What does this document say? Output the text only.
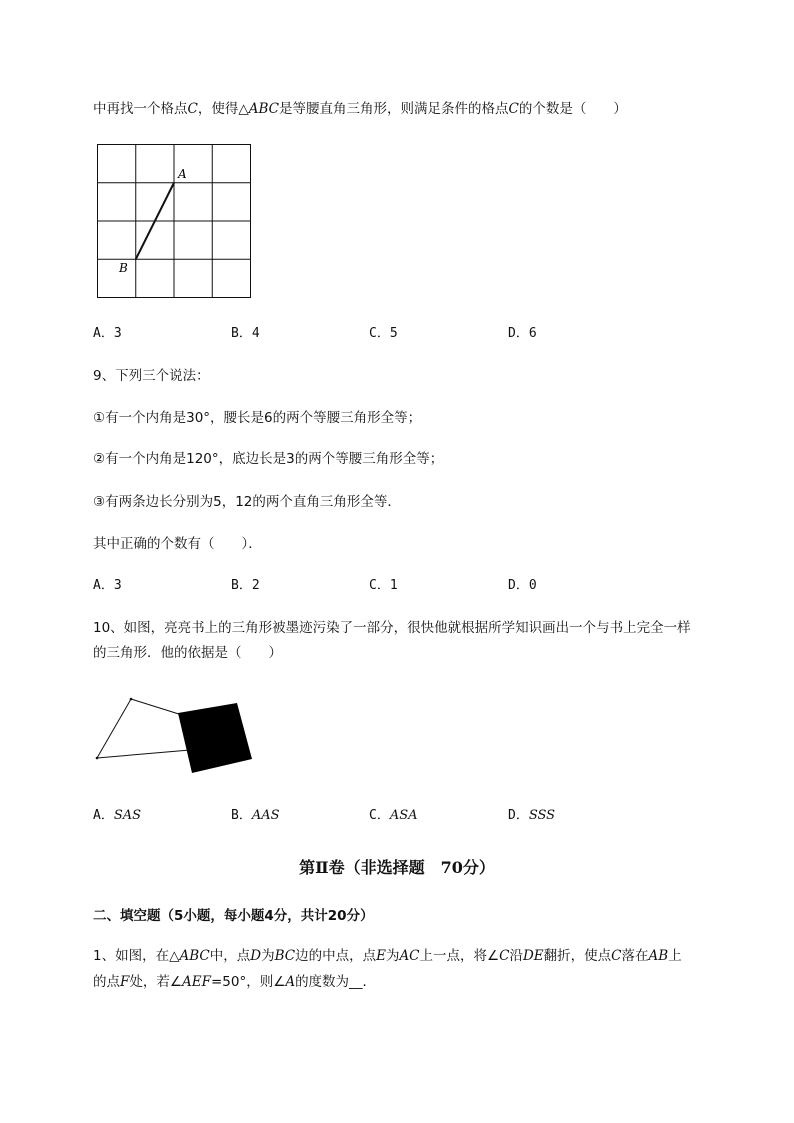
中再找一个格点C，使得△ABC是等腰直角三角形，则满足条件的格点C的个数是（　　）
A
B
A．3	B．4	C．5	D．6
9、下列三个说法：
①有一个内角是30°，腰长是6的两个等腰三角形全等；
②有一个内角是120°，底边长是3的两个等腰三角形全等；
③有两条边长分别为5，12的两个直角三角形全等．
其中正确的个数有（　　）．
A．3	B．2	C．1	D．0
10、如图，亮亮书上的三角形被墨迹污染了一部分，很快他就根据所学知识画出一个与书上完全一样
的三角形．他的依据是（　　）
A．SAS	B．AAS	C．ASA	D．SSS
第Ⅱ卷（非选择题　70分）
二、填空题（5小题，每小题4分，共计20分）
1、如图，在△ABC中，点D为BC边的中点，点E为AC上一点，将∠C沿DE翻折，使点C落在AB上
的点F处，若∠AEF=50°，则∠A的度数为__．
